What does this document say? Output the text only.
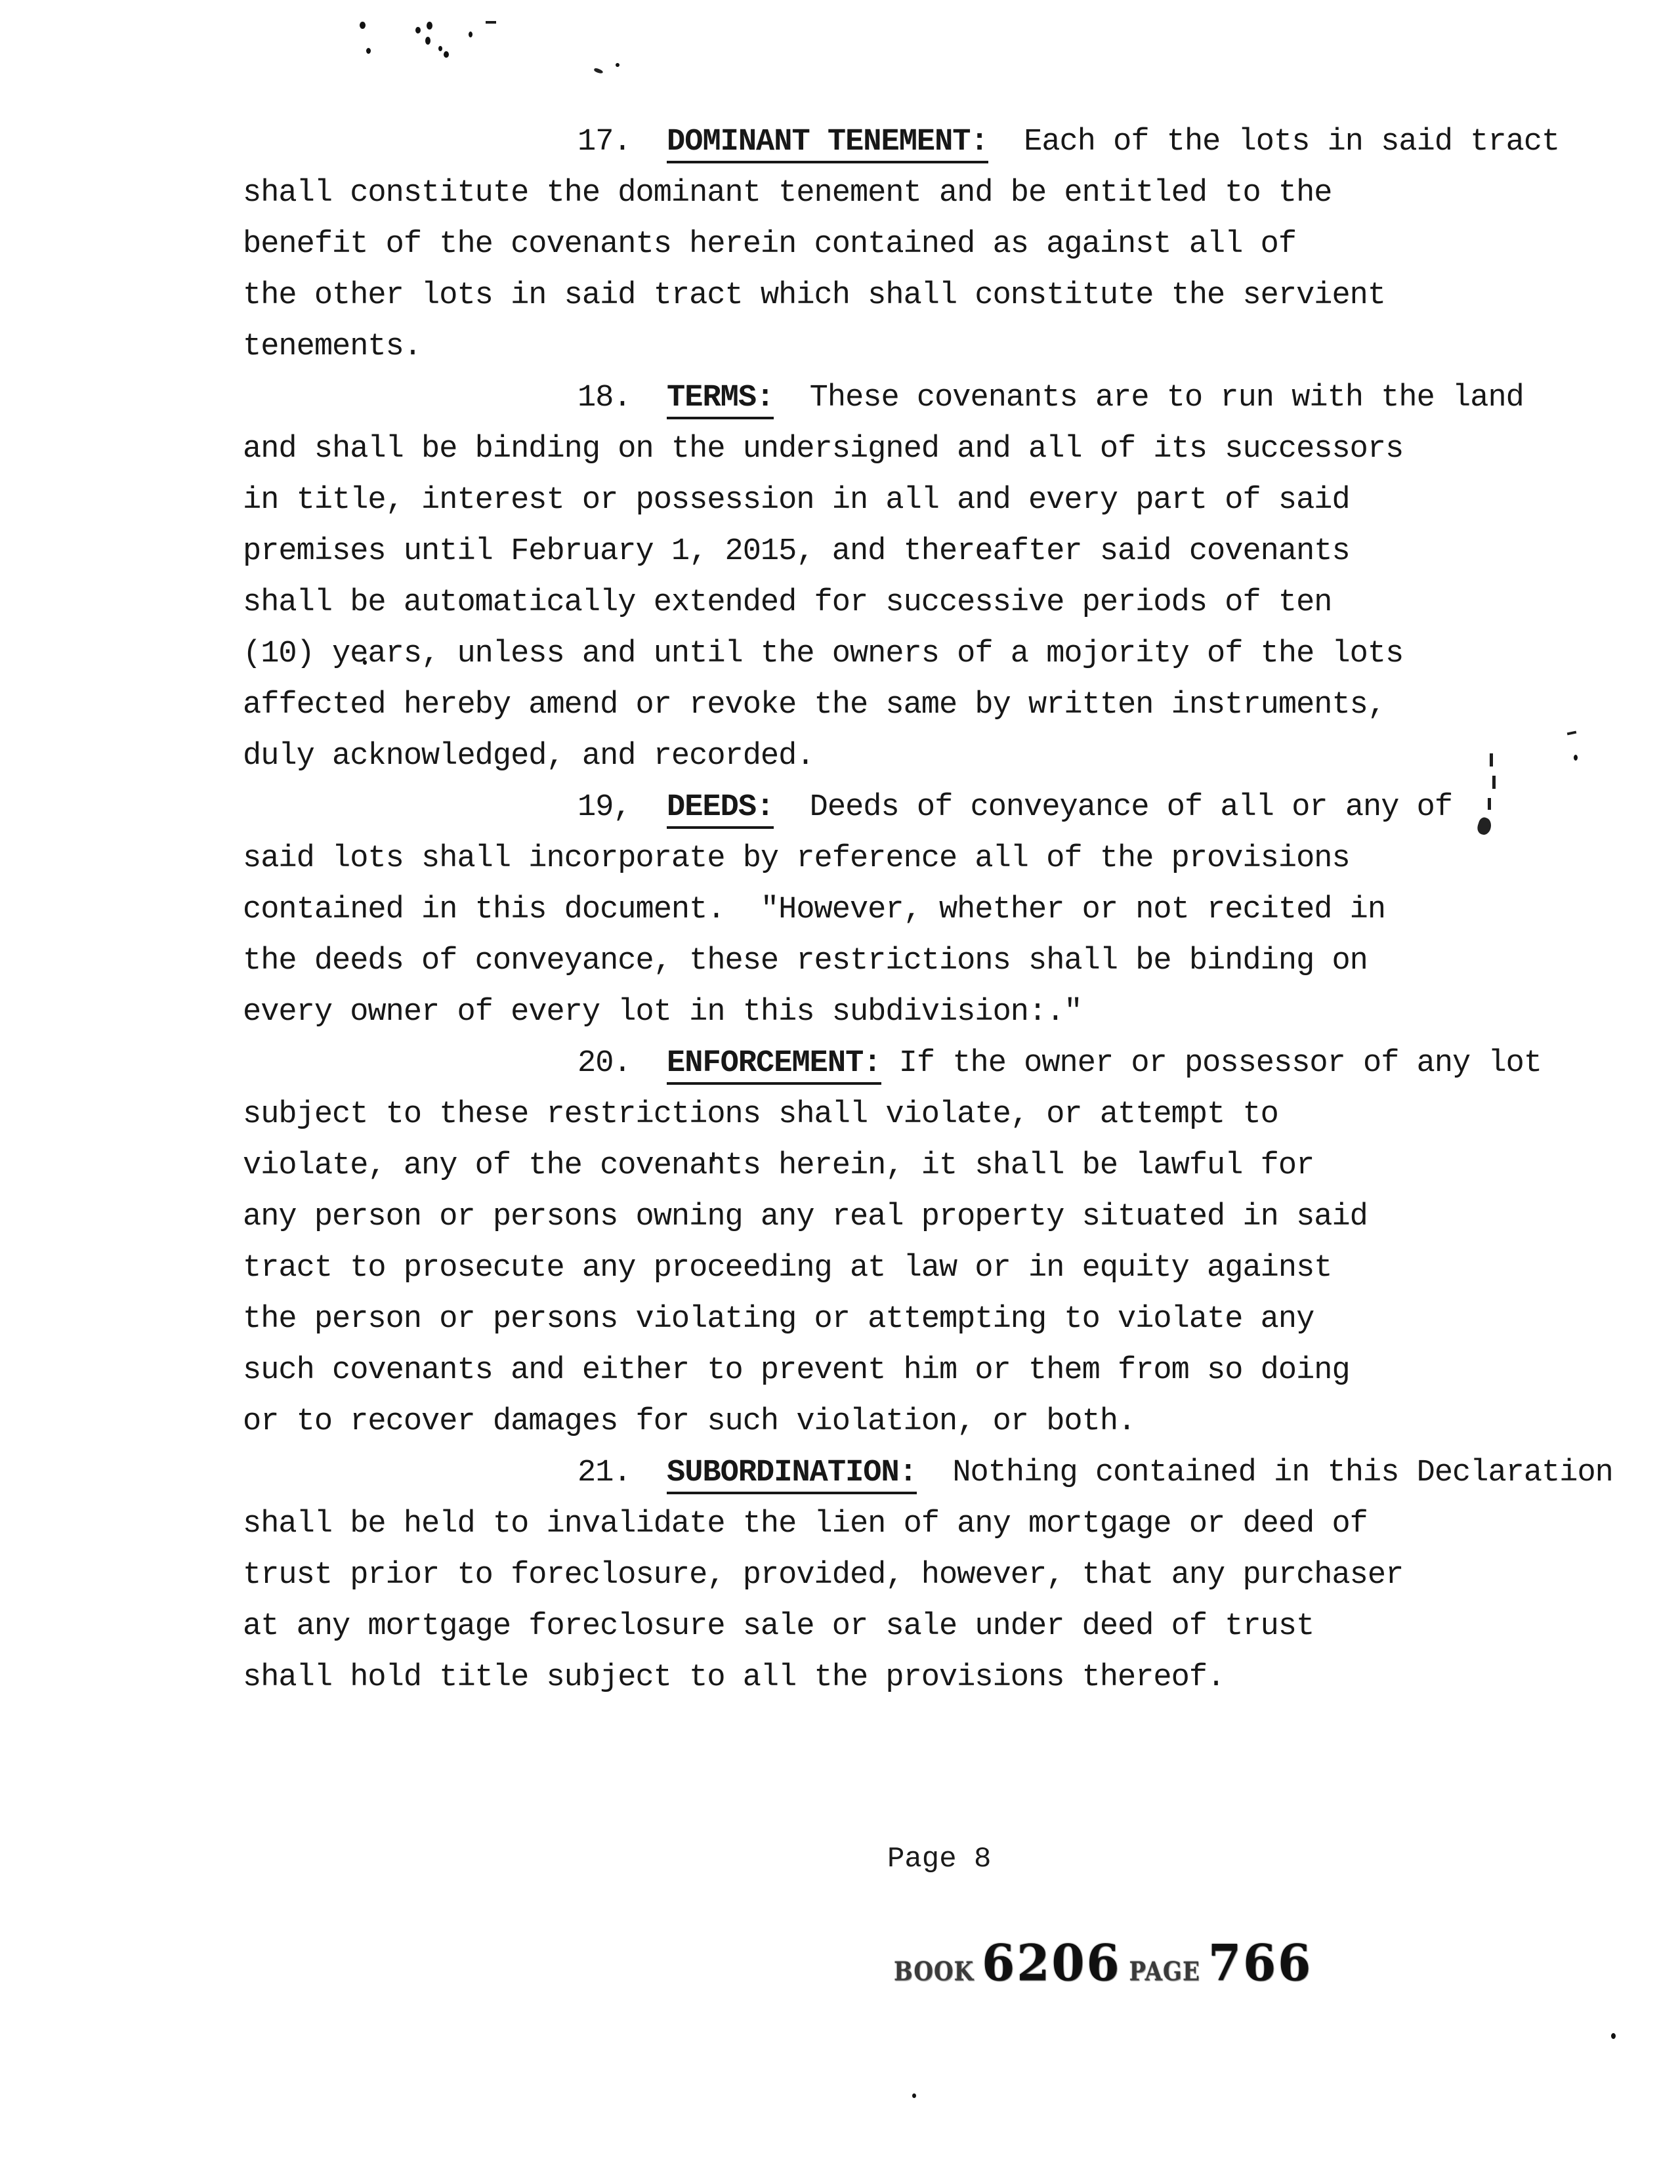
17.  DOMINANT TENEMENT:  Each of the lots in said tract
shall constitute the dominant tenement and be entitled to the
benefit of the covenants herein contained as against all of
the other lots in said tract which shall constitute the servient
tenements.
18.  TERMS:  These covenants are to run with the land
and shall be binding on the undersigned and all of its successors
in title, interest or possession in all and every part of said
premises until February 1, 2015, and thereafter said covenants
shall be automatically extended for successive periods of ten
(10) years, unless and until the owners of a mojority of the lots
affected hereby amend or revoke the same by written instruments,
duly acknowledged, and recorded.
19,  DEEDS:  Deeds of conveyance of all or any of
said lots shall incorporate by reference all of the provisions
contained in this document.  "However, whether or not recited in
the deeds of conveyance, these restrictions shall be binding on
every owner of every lot in this subdivision:."
20.  ENFORCEMENT: If the owner or possessor of any lot
subject to these restrictions shall violate, or attempt to
violate, any of the covenants herein, it shall be lawful for
any person or persons owning any real property situated in said
tract to prosecute any proceeding at law or in equity against
the person or persons violating or attempting to violate any
such covenants and either to prevent him or them from so doing
or to recover damages for such violation, or both.
21.  SUBORDINATION:  Nothing contained in this Declaration
shall be held to invalidate the lien of any mortgage or deed of
trust prior to foreclosure, provided, however, that any purchaser
at any mortgage foreclosure sale or sale under deed of trust
shall hold title subject to all the provisions thereof.
Page 8
BOOK 6206 PAGE 766
